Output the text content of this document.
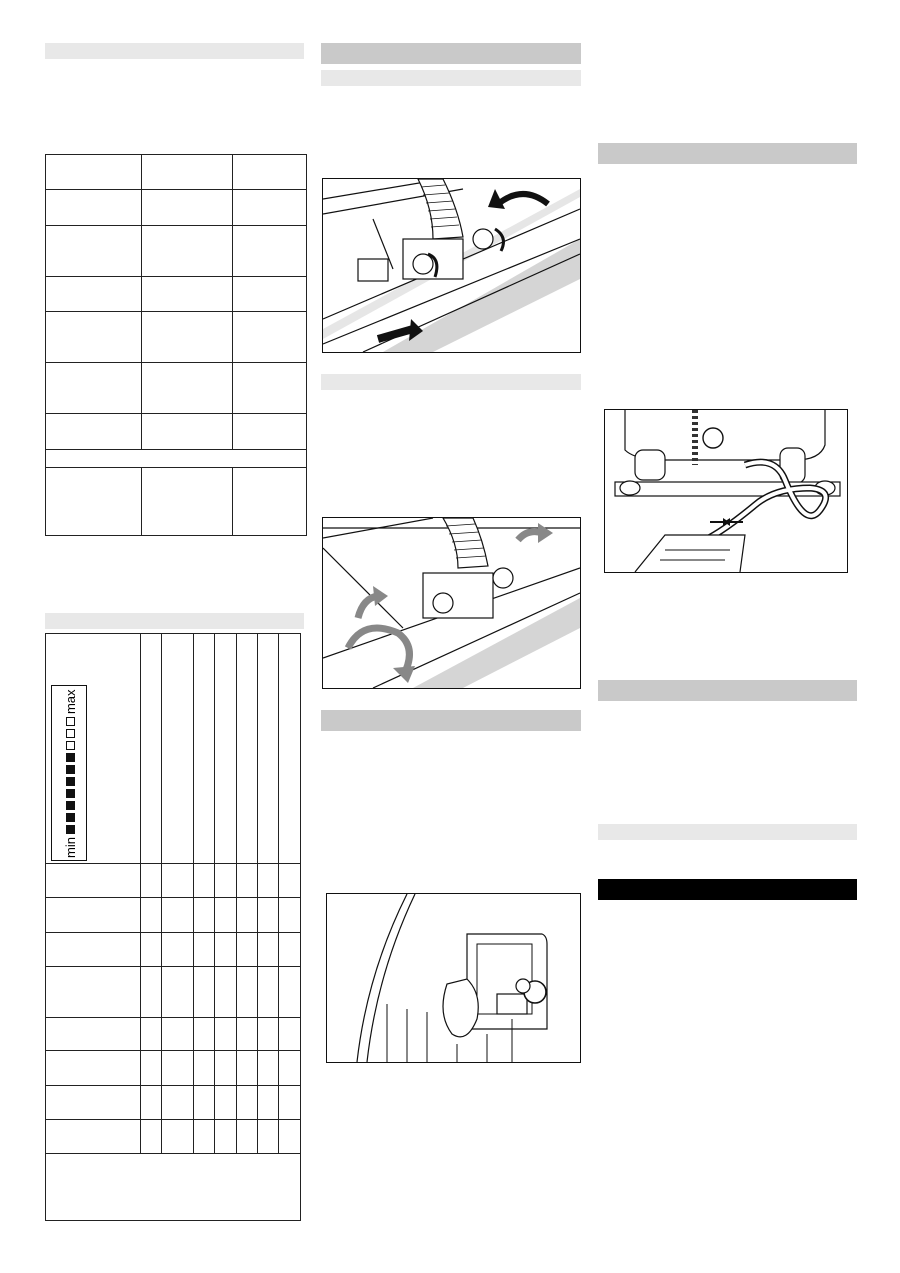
min
max
